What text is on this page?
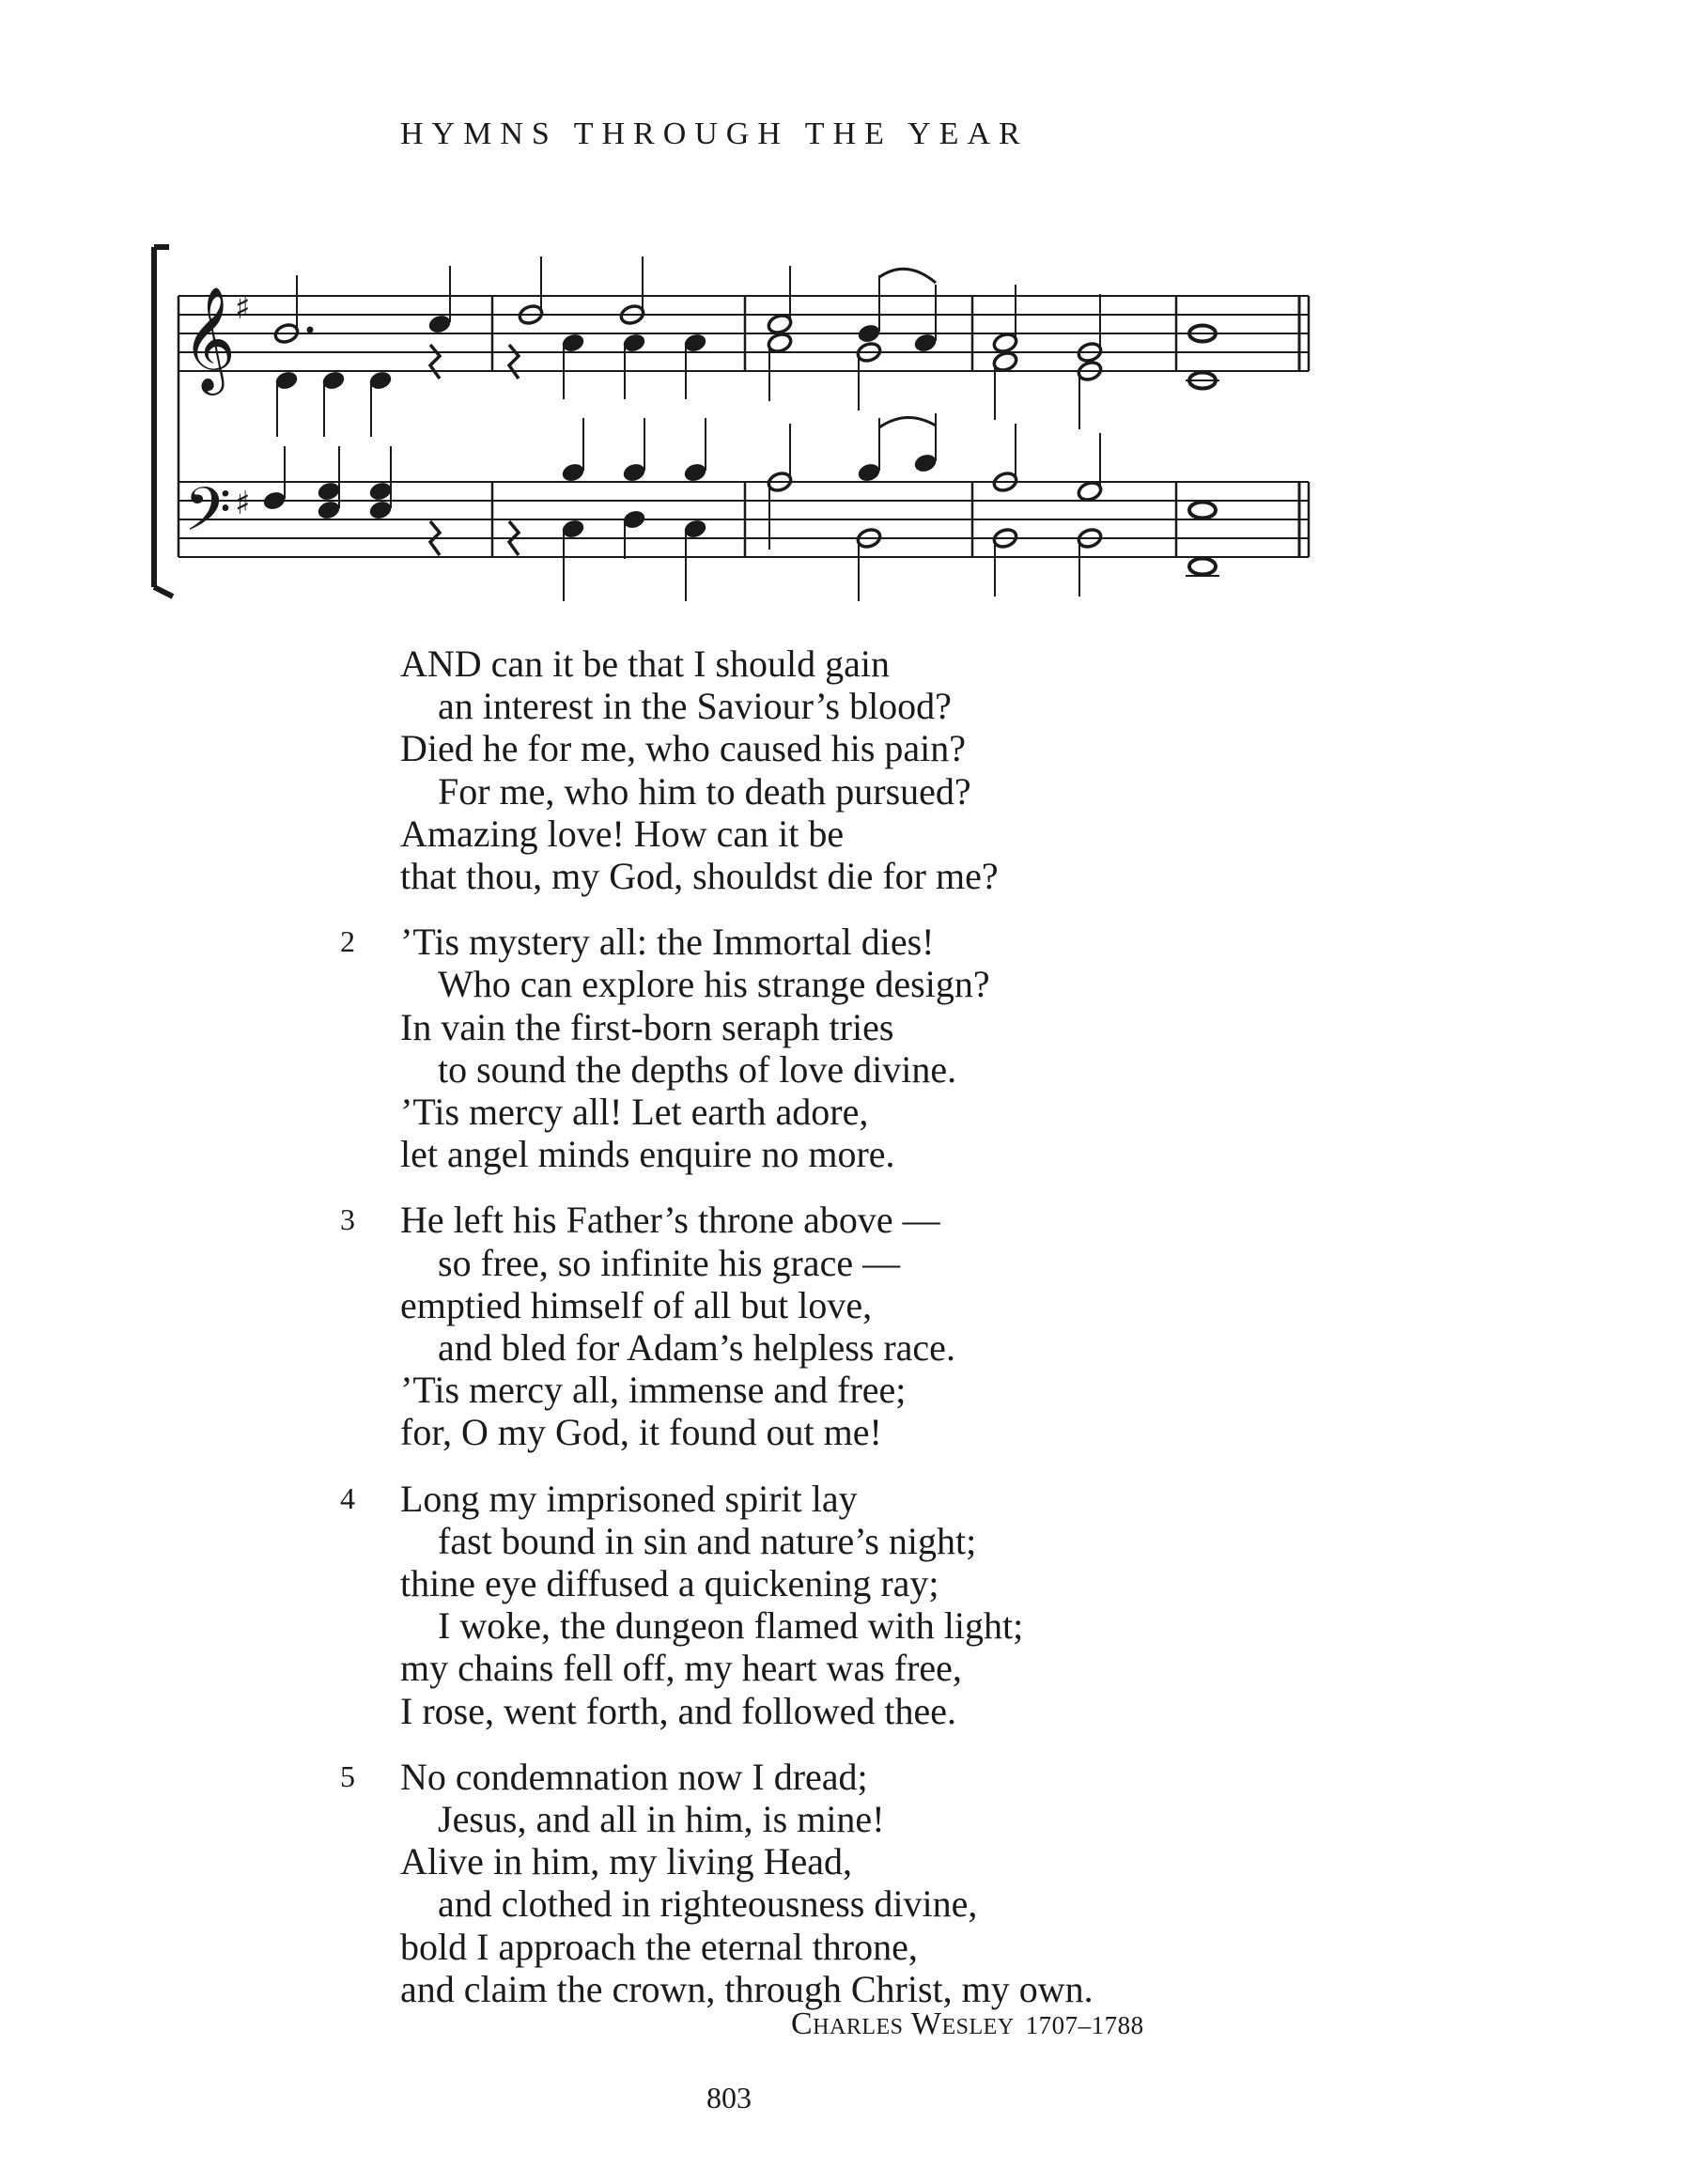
HYMNS THROUGH THE YEAR
𝄞
𝄢
♯
♯
AND can it be that I should gain
an interest in the Saviour’s blood?
Died he for me, who caused his pain?
For me, who him to death pursued?
Amazing love! How can it be
that thou, my God, shouldst die for me?
2	’Tis mystery all: the Immortal dies!
Who can explore his strange design?
In vain the first-born seraph tries
to sound the depths of love divine.
’Tis mercy all! Let earth adore,
let angel minds enquire no more.
3	He left his Father’s throne above —
so free, so infinite his grace —
emptied himself of all but love,
and bled for Adam’s helpless race.
’Tis mercy all, immense and free;
for, O my God, it found out me!
4	Long my imprisoned spirit lay
fast bound in sin and nature’s night;
thine eye diffused a quickening ray;
I woke, the dungeon flamed with light;
my chains fell off, my heart was free,
I rose, went forth, and followed thee.
5	No condemnation now I dread;
Jesus, and all in him, is mine!
Alive in him, my living Head,
and clothed in righteousness divine,
bold I approach the eternal throne,
and claim the crown, through Christ, my own.
Charles Wesley 1707–1788
803
